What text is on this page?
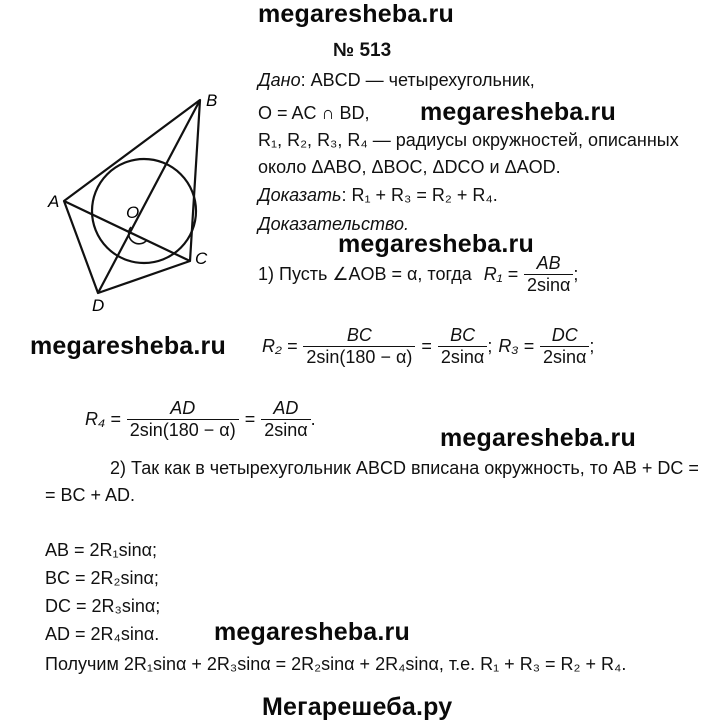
megaresheba.ru
megaresheba.ru
megaresheba.ru
megaresheba.ru
megaresheba.ru
megaresheba.ru
Мегарешеба.ру
№ 513
B
A
O
C
D
Дано: ABCD — четырехугольник,
O = AC ∩ BD,
R₁, R₂, R₃, R₄ — радиусы окружностей, описанных
около ΔABO, ΔBOC, ΔDCO и ΔAOD.
Доказать: R₁ + R₃ = R₂ + R₄.
Доказательство.
1) Пусть ∠AOB = α, тогда $R_1 = \frac{AB}{2\sin\alpha}$ ;
$R_2 = \frac{BC}{2\sin(180 - \alpha)} = \frac{BC}{2\sin\alpha}$ ; $R_3 = \frac{DC}{2\sin\alpha}$ ;
$R_4 = \frac{AD}{2\sin(180 - \alpha)} = \frac{AD}{2\sin\alpha}$ .
2) Так как в четырехугольник ABCD вписана окружность, то AB + DC =
= BC + AD.
AB = 2R₁sinα;
BC = 2R₂sinα;
DC = 2R₃sinα;
AD = 2R₄sinα.
Получим 2R₁sinα + 2R₃sinα = 2R₂sinα + 2R₄sinα, т.е. R₁ + R₃ = R₂ + R₄.
